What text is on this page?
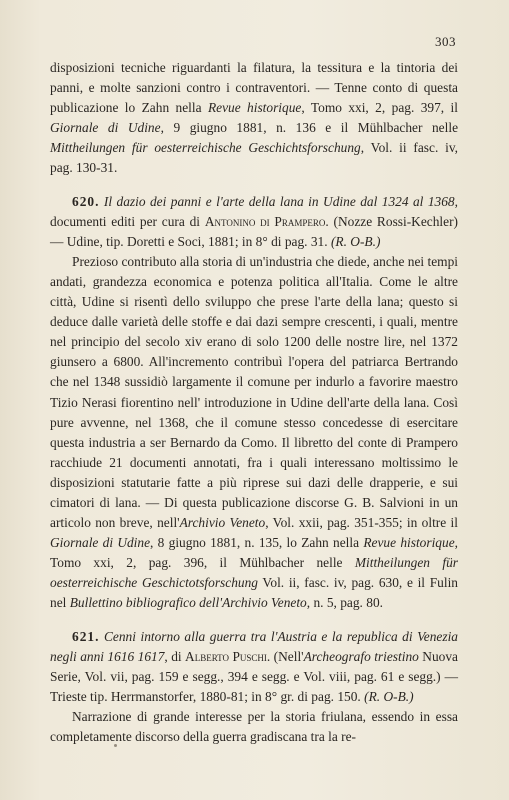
303

disposizioni tecniche riguardanti la filatura, la tessitura e la tintoria dei panni, e molte sanzioni contro i contraventori. — Tenne conto di questa publicazione lo Zahn nella Revue historique, Tomo xxi, 2, pag. 397, il Giornale di Udine, 9 giugno 1881, n. 136 e il Mühlbacher nelle Mittheilungen für oesterreichische Geschichtsforschung, Vol. ii fasc. iv, pag. 130-31.

620. Il dazio dei panni e l'arte della lana in Udine dal 1324 al 1368, documenti editi per cura di Antonino di Prampero. (Nozze Rossi-Kechler) — Udine, tip. Doretti e Soci, 1881; in 8° di pag. 31. (R. O-B.)

Prezioso contributo alla storia di un'industria che diede, anche nei tempi andati, grandezza economica e potenza politica all'Italia. Come le altre città, Udine si risentì dello sviluppo che prese l'arte della lana; questo si deduce dalle varietà delle stoffe e dai dazi sempre crescenti, i quali, mentre nel principio del secolo xiv erano di solo 1200 delle nostre lire, nel 1372 giunsero a 6800. All'incremento contribuì l'opera del patriarca Bertrando che nel 1348 sussidiò largamente il comune per indurlo a favorire maestro Tizio Nerasi fiorentino nell' introduzione in Udine dell'arte della lana. Così pure avvenne, nel 1368, che il comune stesso concedesse di esercitare questa industria a ser Bernardo da Como. Il libretto del conte di Prampero racchiude 21 documenti annotati, fra i quali interessano moltissimo le disposizioni statutarie fatte a più riprese sui dazi delle drapperie, e sui cimatori di lana. — Di questa publicazione discorse G. B. Salvioni in un articolo non breve, nell'Archivio Veneto, Vol. xxii, pag. 351-355; in oltre il Giornale di Udine, 8 giugno 1881, n. 135, lo Zahn nella Revue historique, Tomo xxi, 2, pag. 396, il Mühlbacher nelle Mittheilungen für oesterreichische Geschictotsforschung Vol. ii, fasc. iv, pag. 630, e il Fulin nel Bullettino bibliografico dell'Archivio Veneto, n. 5, pag. 80.

621. Cenni intorno alla guerra tra l'Austria e la republica di Venezia negli anni 1616 1617, di Alberto Puschi. (Nell'Archeografo triestino Nuova Serie, Vol. vii, pag. 159 e segg., 394 e segg. e Vol. viii, pag. 61 e segg.) — Trieste tip. Herrmanstorfer, 1880-81; in 8° gr. di pag. 150. (R. O-B.)

Narrazione di grande interesse per la storia friulana, essendo in essa completamente discorso della guerra gradiscana tra la re-
